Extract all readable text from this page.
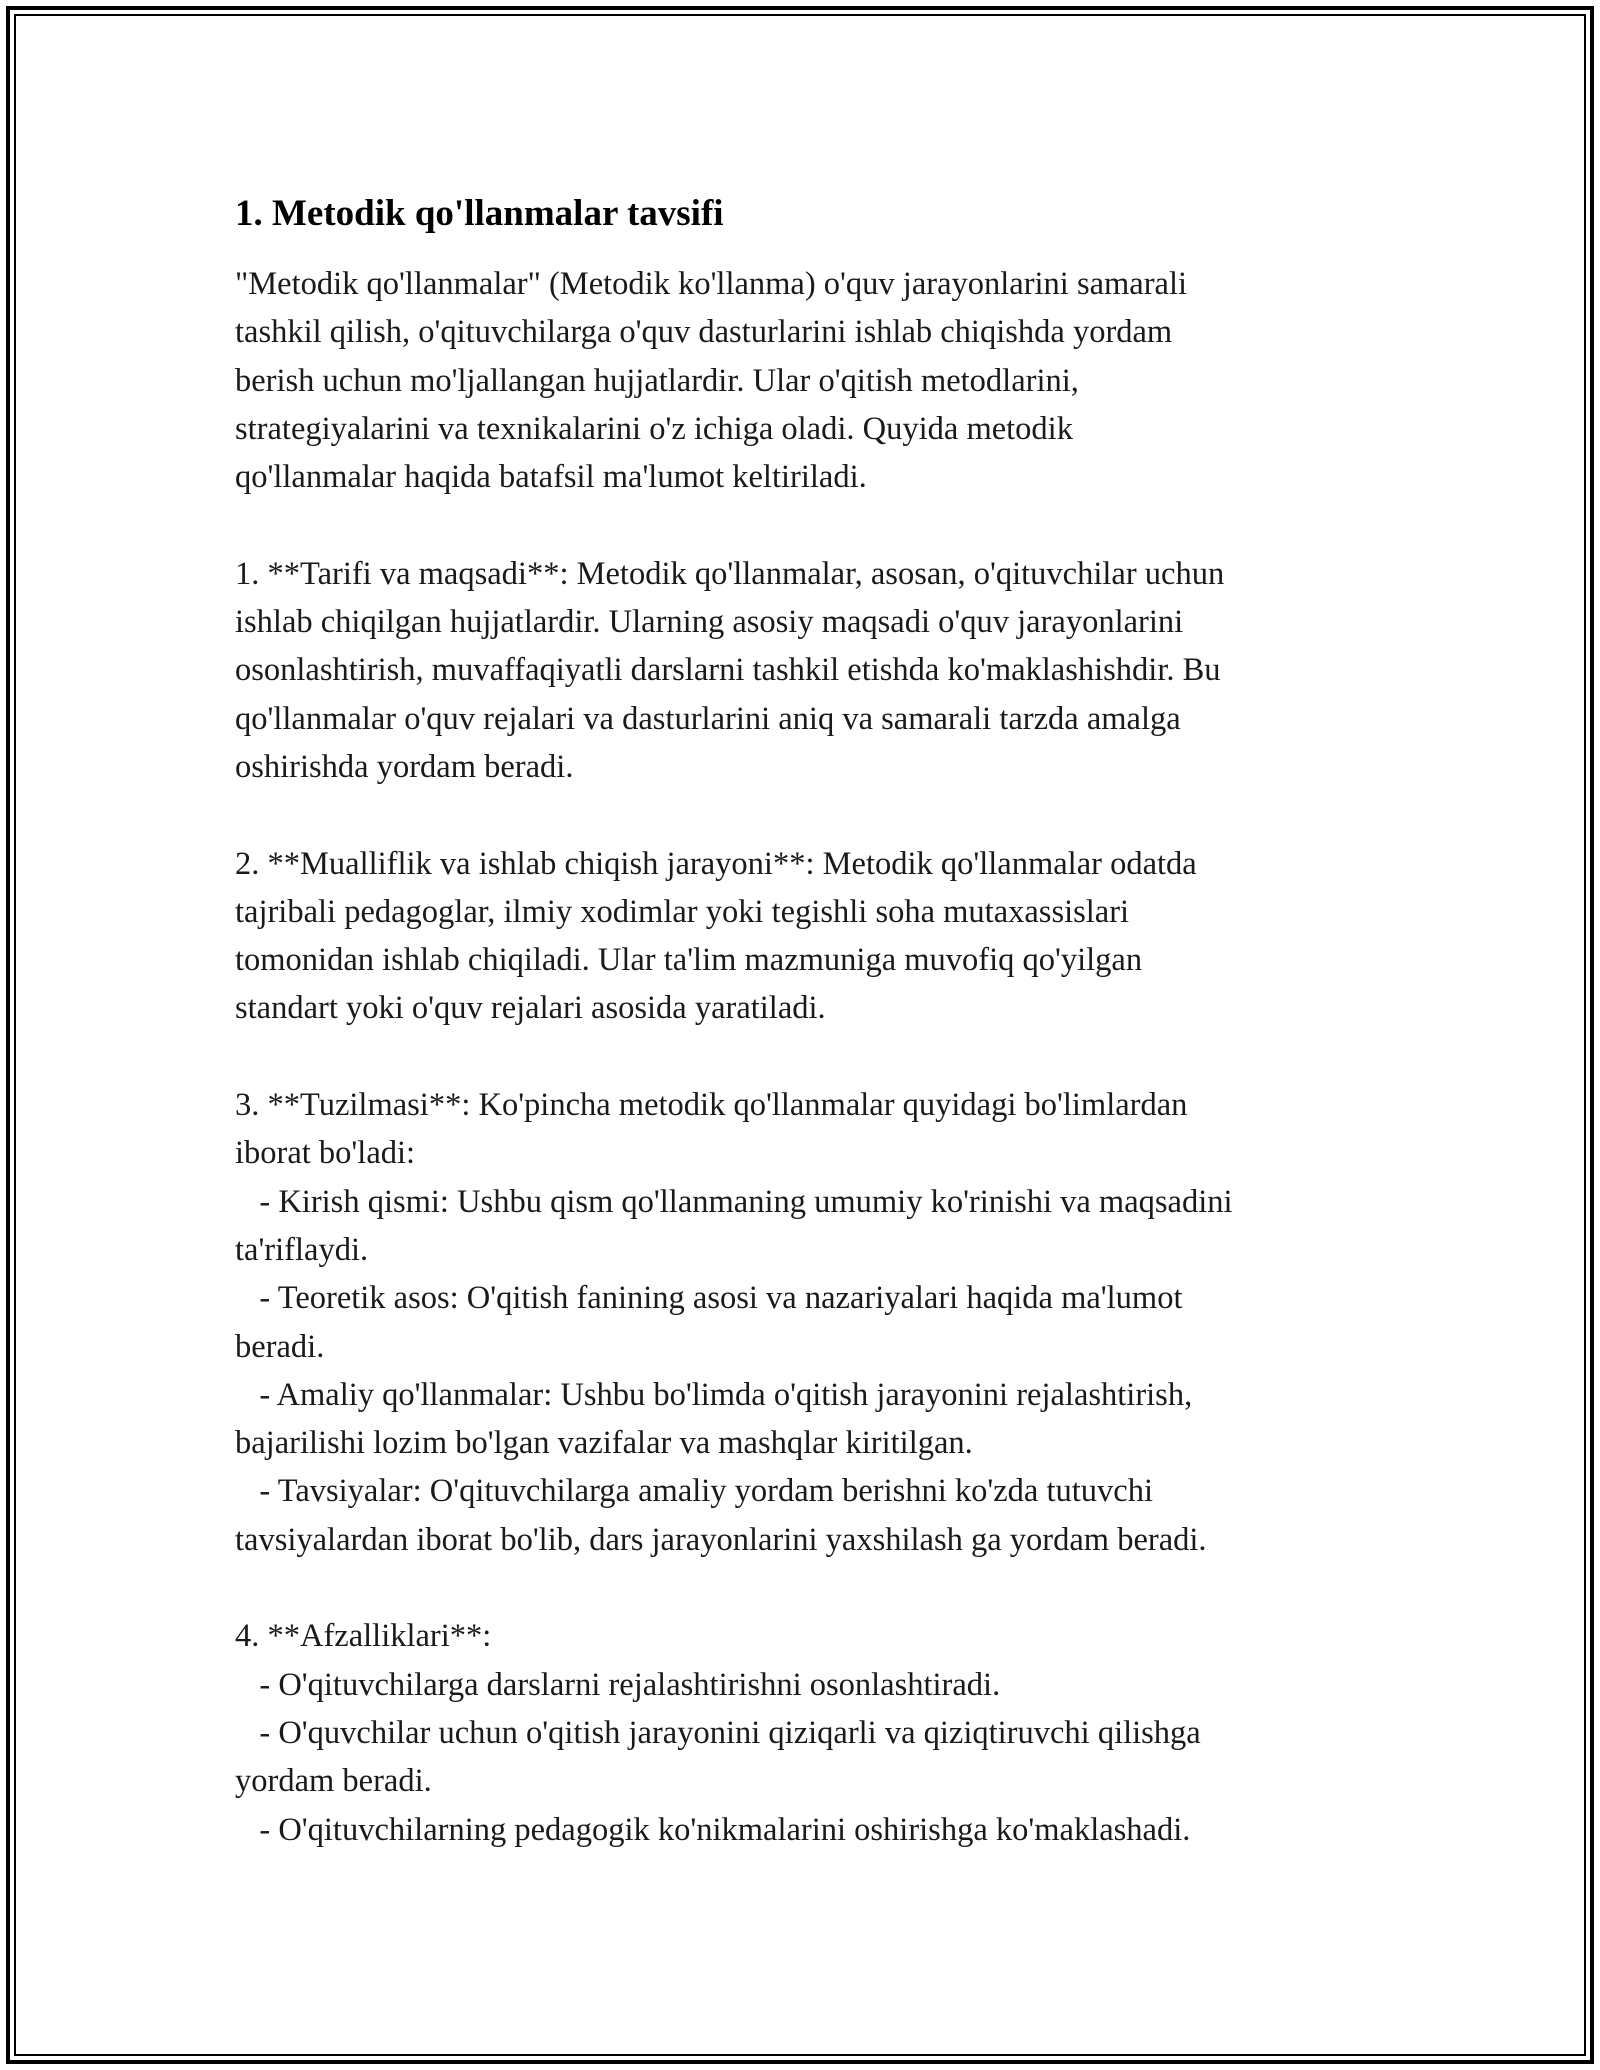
1. Metodik qo'llanmalar tavsifi
"Metodik qo'llanmalar" (Metodik ko'llanma) o'quv jarayonlarini samarali
tashkil qilish, o'qituvchilarga o'quv dasturlarini ishlab chiqishda yordam
berish uchun mo'ljallangan hujjatlardir. Ular o'qitish metodlarini,
strategiyalarini va texnikalarini o'z ichiga oladi. Quyida metodik
qo'llanmalar haqida batafsil ma'lumot keltiriladi.

1. **Tarifi va maqsadi**: Metodik qo'llanmalar, asosan, o'qituvchilar uchun
ishlab chiqilgan hujjatlardir. Ularning asosiy maqsadi o'quv jarayonlarini
osonlashtirish, muvaffaqiyatli darslarni tashkil etishda ko'maklashishdir. Bu
qo'llanmalar o'quv rejalari va dasturlarini aniq va samarali tarzda amalga
oshirishda yordam beradi.

2. **Mualliflik va ishlab chiqish jarayoni**: Metodik qo'llanmalar odatda
tajribali pedagoglar, ilmiy xodimlar yoki tegishli soha mutaxassislari
tomonidan ishlab chiqiladi. Ular ta'lim mazmuniga muvofiq qo'yilgan
standart yoki o'quv rejalari asosida yaratiladi.

3. **Tuzilmasi**: Ko'pincha metodik qo'llanmalar quyidagi bo'limlardan
iborat bo'ladi:
- Kirish qismi: Ushbu qism qo'llanmaning umumiy ko'rinishi va maqsadini
ta'riflaydi.
- Teoretik asos: O'qitish fanining asosi va nazariyalari haqida ma'lumot
beradi.
- Amaliy qo'llanmalar: Ushbu bo'limda o'qitish jarayonini rejalashtirish,
bajarilishi lozim bo'lgan vazifalar va mashqlar kiritilgan.
- Tavsiyalar: O'qituvchilarga amaliy yordam berishni ko'zda tutuvchi
tavsiyalardan iborat bo'lib, dars jarayonlarini yaxshilash ga yordam beradi.

4. **Afzalliklari**:
- O'qituvchilarga darslarni rejalashtirishni osonlashtiradi.
- O'quvchilar uchun o'qitish jarayonini qiziqarli va qiziqtiruvchi qilishga
yordam beradi.
- O'qituvchilarning pedagogik ko'nikmalarini oshirishga ko'maklashadi.
